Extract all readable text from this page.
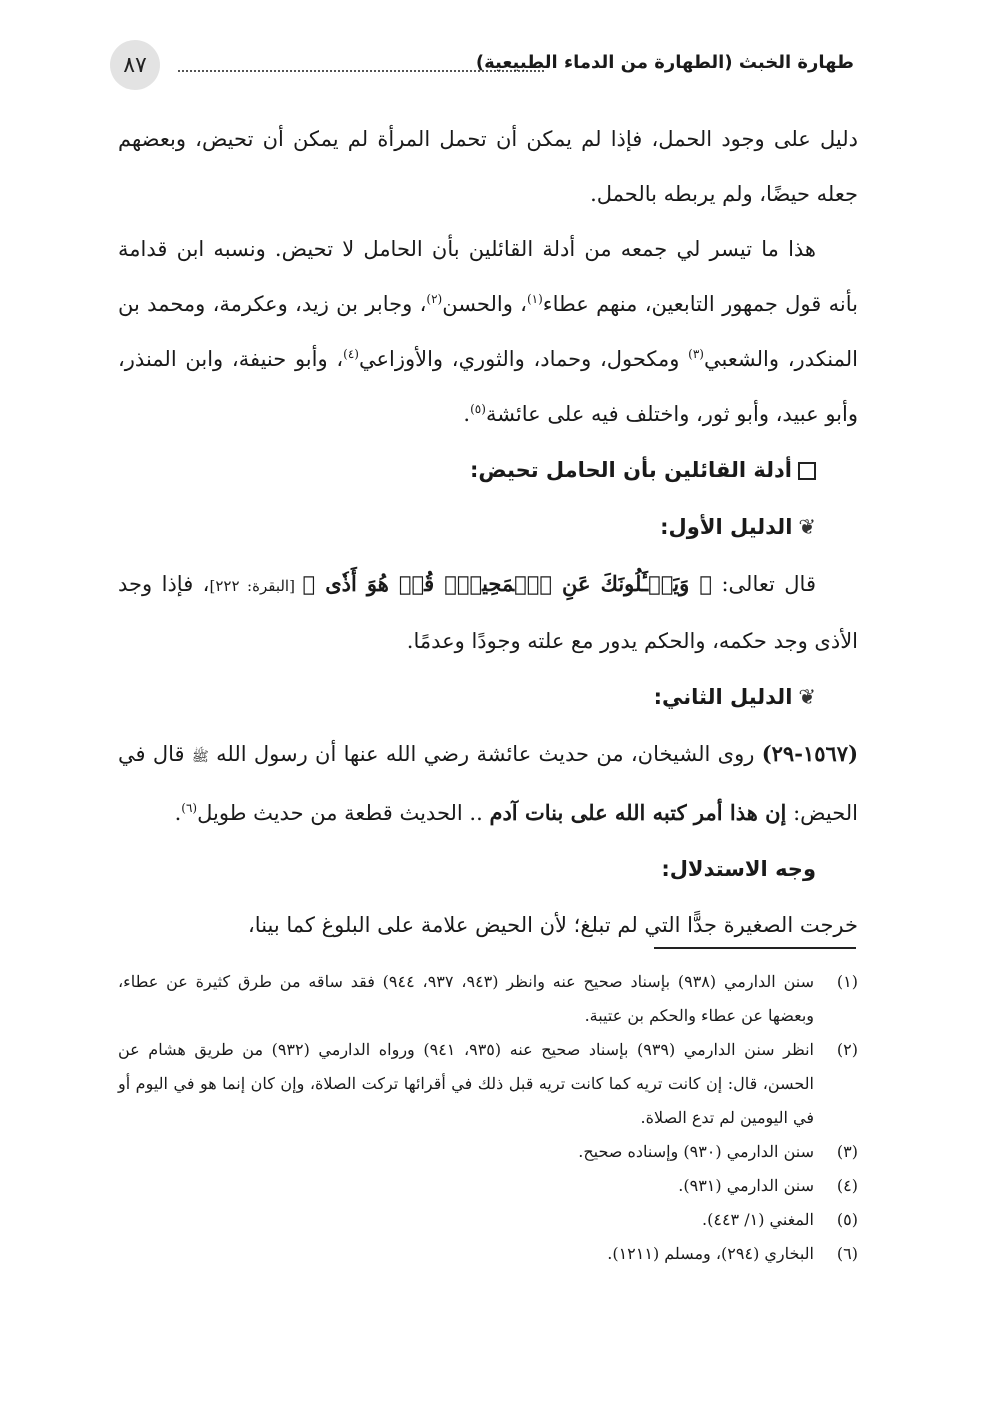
٨٧	طهارة الخبث (الطهارة من الدماء الطبيعية)

دليل على وجود الحمل، فإذا لم يمكن أن تحمل المرأة لم يمكن أن تحيض، وبعضهم جعله حيضًا، ولم يربطه بالحمل.

هذا ما تيسر لي جمعه من أدلة القائلين بأن الحامل لا تحيض. ونسبه ابن قدامة بأنه قول جمهور التابعين، منهم عطاء$^{(١)}$، والحسن$^{(٢)}$، وجابر بن زيد، وعكرمة، ومحمد بن المنكدر، والشعبي$^{(٣)}$ ومكحول، وحماد، والثوري، والأوزاعي$^{(٤)}$، وأبو حنيفة، وابن المنذر، وأبو عبيد، وأبو ثور، واختلف فيه على عائشة$^{(٥)}$.

أدلة القائلين بأن الحامل تحيض:

❦الدليل الأول:

قال تعالى: ﴿ وَيَسۡـَٔلُونَكَ عَنِ ٱلۡمَحِيضِۖ قُلۡ هُوَ أَذٗى ﴾ [البقرة: ٢٢٢]، فإذا وجد الأذى وجد حكمه، والحكم يدور مع علته وجودًا وعدمًا.

❦الدليل الثاني:

(١٥٦٧-٢٩) روى الشيخان، من حديث عائشة رضي الله عنها أن رسول الله ﷺ قال في الحيض: إن هذا أمر كتبه الله على بنات آدم .. الحديث قطعة من حديث طويل$^{(٦)}$.

وجه الاستدلال:

خرجت الصغيرة جدًّا التي لم تبلغ؛ لأن الحيض علامة على البلوغ كما بينا،

(١)
سنن الدارمي (٩٣٨) بإسناد صحيح عنه وانظر (٩٤٣، ٩٣٧، ٩٤٤) فقد ساقه من طرق كثيرة عن عطاء، وبعضها عن عطاء والحكم بن عتيبة.
(٢)
انظر سنن الدارمي (٩٣٩) بإسناد صحيح عنه (٩٣٥، ٩٤١) ورواه الدارمي (٩٣٢) من طريق هشام عن الحسن، قال: إن كانت تريه كما كانت تريه قبل ذلك في أقرائها تركت الصلاة، وإن كان إنما هو في اليوم أو في اليومين لم تدع الصلاة.
(٣)
سنن الدارمي (٩٣٠) وإسناده صحيح.
(٤)
سنن الدارمي (٩٣١).
(٥)
المغني (١/ ٤٤٣).
(٦)
البخاري (٢٩٤)، ومسلم (١٢١١).
